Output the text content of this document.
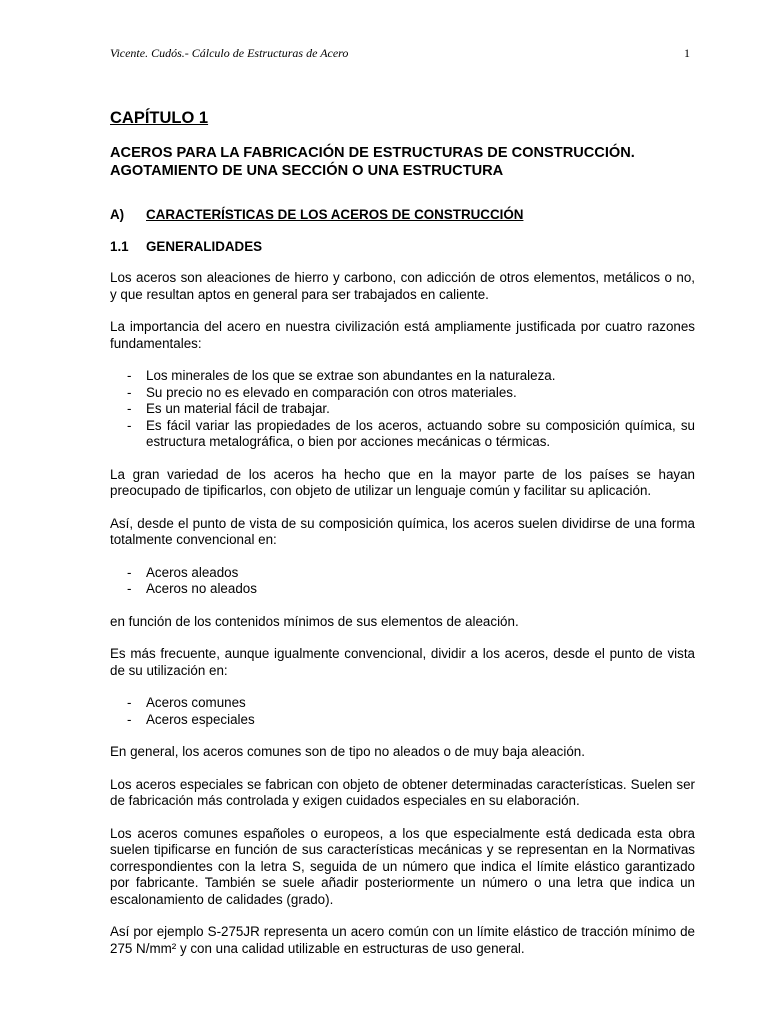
Vicente. Cudós.- Cálculo de Estructuras de Acero	1
CAPÍTULO 1
ACEROS PARA LA FABRICACIÓN DE ESTRUCTURAS DE CONSTRUCCIÓN.
AGOTAMIENTO DE UNA SECCIÓN O UNA ESTRUCTURA
A)	CARACTERÍSTICAS DE LOS ACEROS DE CONSTRUCCIÓN
1.1	GENERALIDADES

Los aceros son aleaciones de hierro y carbono, con adicción de otros elementos, metálicos o no, y que resultan aptos en general para ser trabajados en caliente.

La importancia del acero en nuestra civilización está ampliamente justificada por cuatro razones fundamentales:

- Los minerales de los que se extrae son abundantes en la naturaleza.
- Su precio no es elevado en comparación con otros materiales.
- Es un material fácil de trabajar.
- Es fácil variar las propiedades de los aceros, actuando sobre su composición química, su estructura metalográfica, o bien por acciones mecánicas o térmicas.

La gran variedad de los aceros ha hecho que en la mayor parte de los países se hayan preocupado de tipificarlos, con objeto de utilizar un lenguaje común y facilitar su aplicación.

Así, desde el punto de vista de su composición química, los aceros suelen dividirse de una forma totalmente convencional en:

- Aceros aleados
- Aceros no aleados

en función de los contenidos mínimos de sus elementos de aleación.

Es más frecuente, aunque igualmente convencional, dividir a los aceros, desde el punto de vista de su utilización en:

- Aceros comunes
- Aceros especiales

En general, los aceros comunes son de tipo no aleados o de muy baja aleación.

Los aceros especiales se fabrican con objeto de obtener determinadas características. Suelen ser de fabricación más controlada y exigen cuidados especiales en su elaboración.

Los aceros comunes españoles o europeos, a los que especialmente está dedicada esta obra suelen tipificarse en función de sus características mecánicas y se representan en la Normativas correspondientes con la letra S, seguida de un número que indica el límite elástico garantizado por fabricante. También se suele añadir posteriormente un número o una letra que indica un escalonamiento de calidades (grado).

Así por ejemplo S-275JR representa un acero común con un límite elástico de tracción mínimo de 275 N/mm² y con una calidad utilizable en estructuras de uso general.
